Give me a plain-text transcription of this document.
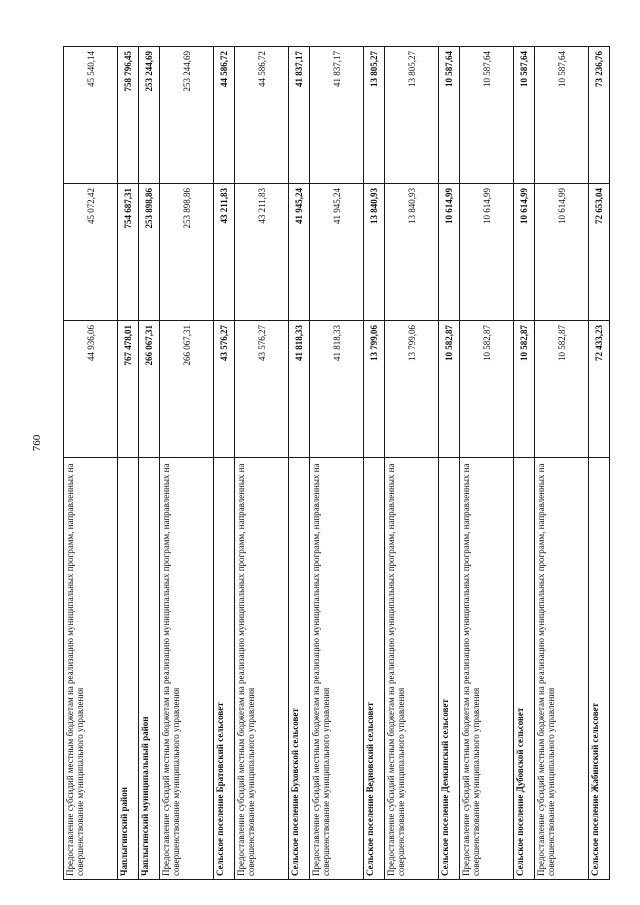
760
Предоставление субсидий местным бюджетам на реализацию муниципальных программ, направленных на совершенствование муниципального управления	44 936,06	45 072,42	45 540,14
Чаплыгинский район	767 478,01	754 687,31	758 796,45
Чаплыгинский муниципальный район	266 067,31	253 898,86	253 244,69
Предоставление субсидий местным бюджетам на реализацию муниципальных программ, направленных на совершенствование муниципального управления	266 067,31	253 898,86	253 244,69
Сельское поселение Братовский сельсовет	43 576,27	43 211,83	44 586,72
Предоставление субсидий местным бюджетам на реализацию муниципальных программ, направленных на совершенствование муниципального управления	43 576,27	43 211,83	44 586,72
Сельское поселение Буховской сельсовет	41 818,33	41 945,24	41 837,17
Предоставление субсидий местным бюджетам на реализацию муниципальных программ, направленных на совершенствование муниципального управления	41 818,33	41 945,24	41 837,17
Сельское поселение Ведновский сельсовет	13 799,06	13 840,93	13 805,27
Предоставление субсидий местным бюджетам на реализацию муниципальных программ, направленных на совершенствование муниципального управления	13 799,06	13 840,93	13 805,27
Сельское поселение Демкинский сельсовет	10 582,87	10 614,99	10 587,64
Предоставление субсидий местным бюджетам на реализацию муниципальных программ, направленных на совершенствование муниципального управления	10 582,87	10 614,99	10 587,64
Сельское поселение Дубовской сельсовет	10 582,87	10 614,99	10 587,64
Предоставление субсидий местным бюджетам на реализацию муниципальных программ, направленных на совершенствование муниципального управления	10 582,87	10 614,99	10 587,64
Сельское поселение Жабинский сельсовет	72 433,23	72 653,04	73 236,76
